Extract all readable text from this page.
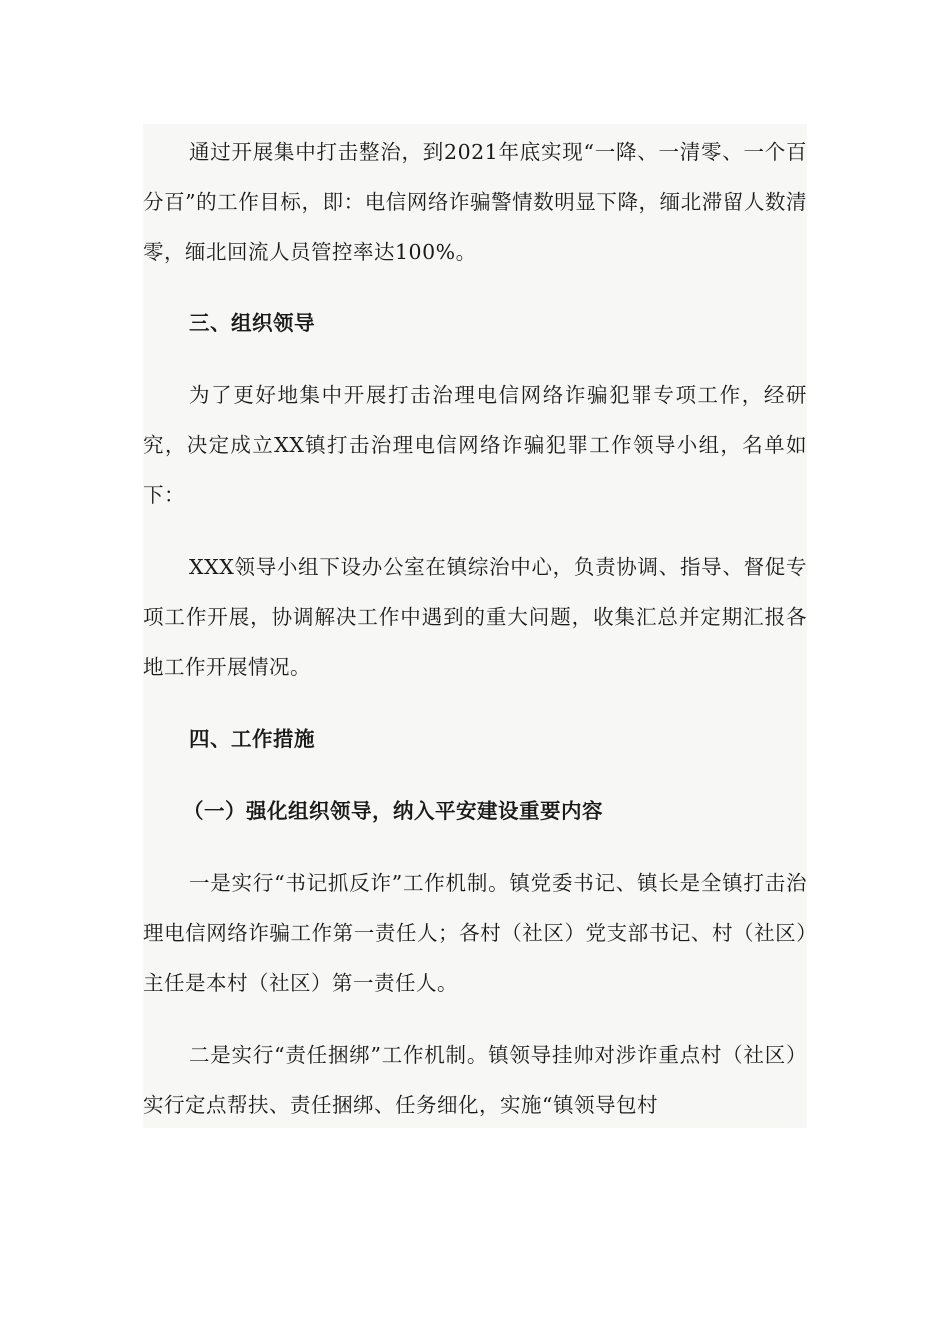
通过开展集中打击整治，到2021年底实现“一降、一清零、一个百分百”的工作目标，即：电信网络诈骗警情数明显下降，缅北滞留人数清零，缅北回流人员管控率达100%。

三、组织领导

为了更好地集中开展打击治理电信网络诈骗犯罪专项工作，经研究，决定成立XX镇打击治理电信网络诈骗犯罪工作领导小组，名单如下：

XXX领导小组下设办公室在镇综治中心，负责协调、指导、督促专项工作开展，协调解决工作中遇到的重大问题，收集汇总并定期汇报各地工作开展情况。

四、工作措施

（一）强化组织领导，纳入平安建设重要内容

一是实行“书记抓反诈”工作机制。镇党委书记、镇长是全镇打击治理电信网络诈骗工作第一责任人；各村（社区）党支部书记、村（社区）主任是本村（社区）第一责任人。

二是实行“责任捆绑”工作机制。镇领导挂帅对涉诈重点村（社区）实行定点帮扶、责任捆绑、任务细化，实施“镇领导包村
